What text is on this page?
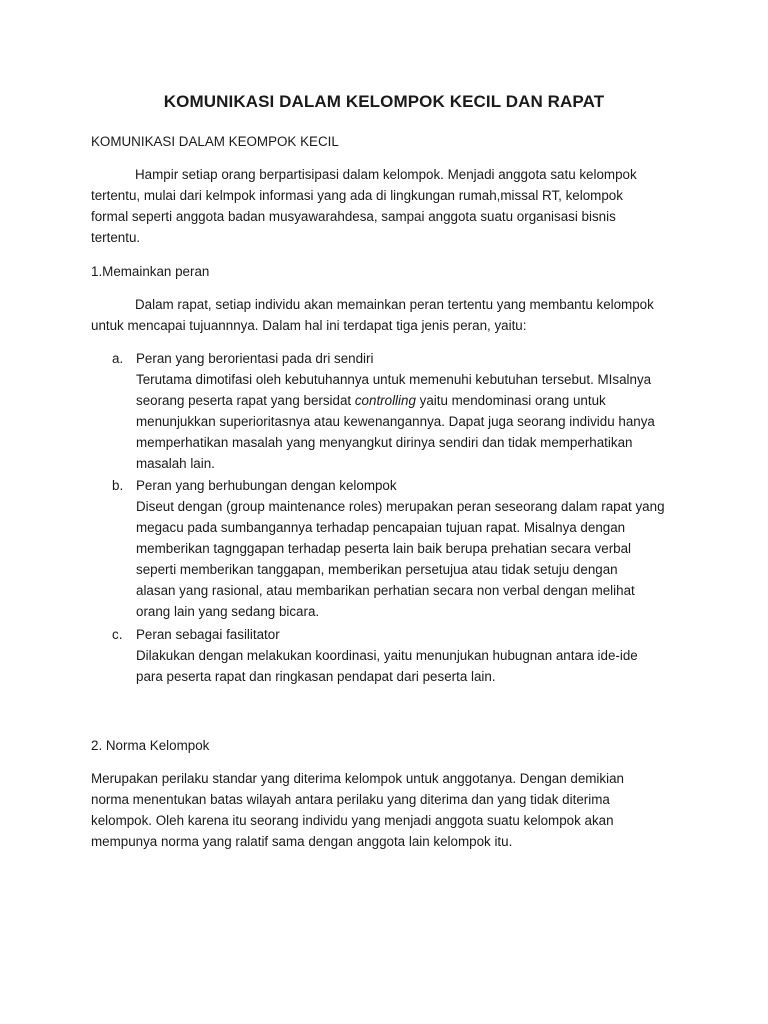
KOMUNIKASI DALAM KELOMPOK KECIL DAN RAPAT
KOMUNIKASI DALAM KEOMPOK KECIL
Hampir setiap orang berpartisipasi dalam kelompok. Menjadi anggota satu kelompok
tertentu, mulai dari kelmpok informasi yang ada di lingkungan rumah,missal RT, kelompok
formal seperti anggota badan musyawarahdesa, sampai anggota suatu organisasi bisnis
tertentu.
1.Memainkan peran
Dalam rapat, setiap individu akan memainkan peran tertentu yang membantu kelompok
untuk mencapai tujuannnya. Dalam hal ini terdapat tiga jenis peran, yaitu:
a. Peran yang berorientasi pada dri sendiri
Terutama dimotifasi oleh kebutuhannya untuk memenuhi kebutuhan tersebut. MIsalnya
seorang peserta rapat yang bersidat controlling yaitu mendominasi orang untuk
menunjukkan superioritasnya atau kewenangannya. Dapat juga seorang individu hanya
memperhatikan masalah yang menyangkut dirinya sendiri dan tidak memperhatikan
masalah lain.
b. Peran yang berhubungan dengan kelompok
Diseut dengan (group maintenance roles) merupakan peran seseorang dalam rapat yang
megacu pada sumbangannya terhadap pencapaian tujuan rapat. Misalnya dengan
memberikan tagnggapan terhadap peserta lain baik berupa prehatian secara verbal
seperti memberikan tanggapan, memberikan persetujua atau tidak setuju dengan
alasan yang rasional, atau membarikan perhatian secara non verbal dengan melihat
orang lain yang sedang bicara.
c. Peran sebagai fasilitator
Dilakukan dengan melakukan koordinasi, yaitu menunjukan hubugnan antara ide-ide
para peserta rapat dan ringkasan pendapat dari peserta lain.
2. Norma Kelompok
Merupakan perilaku standar yang diterima kelompok untuk anggotanya. Dengan demikian
norma menentukan batas wilayah antara perilaku yang diterima dan yang tidak diterima
kelompok. Oleh karena itu seorang individu yang menjadi anggota suatu kelompok akan
mempunya norma yang ralatif sama dengan anggota lain kelompok itu.
